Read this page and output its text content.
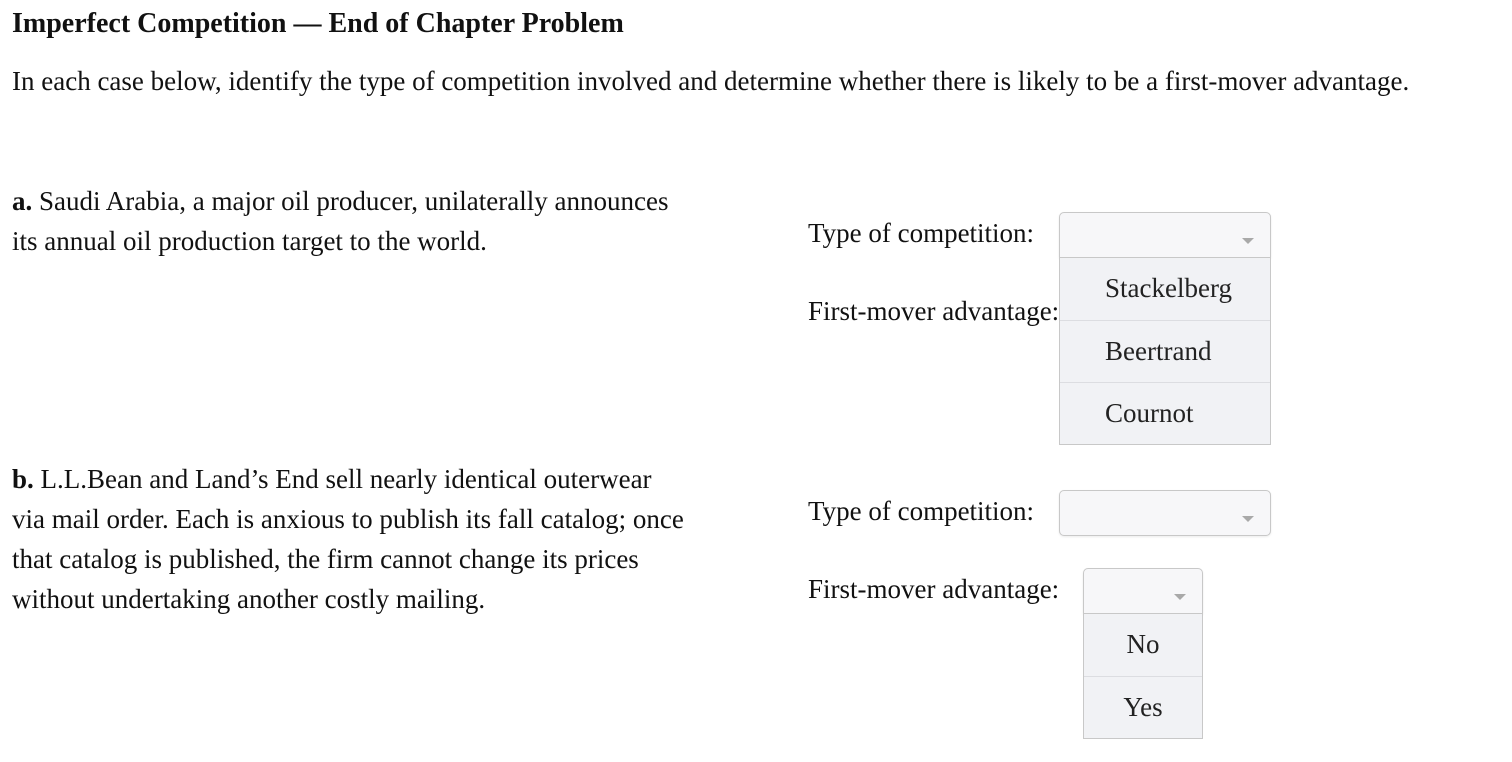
Imperfect Competition — End of Chapter Problem

In each case below, identify the type of competition involved and determine whether there is likely to be a first-mover advantage.

a. Saudi Arabia, a major oil producer, unilaterally announces
its annual oil production target to the world.	Type of competition:
First-mover advantage:
Stackelberg
Beertrand
Cournot
b. L.L.Bean and Land’s End sell nearly identical outerwear
via mail order. Each is anxious to publish its fall catalog; once
that catalog is published, the firm cannot change its prices
without undertaking another costly mailing.
Type of competition:
First-mover advantage:
No
Yes
